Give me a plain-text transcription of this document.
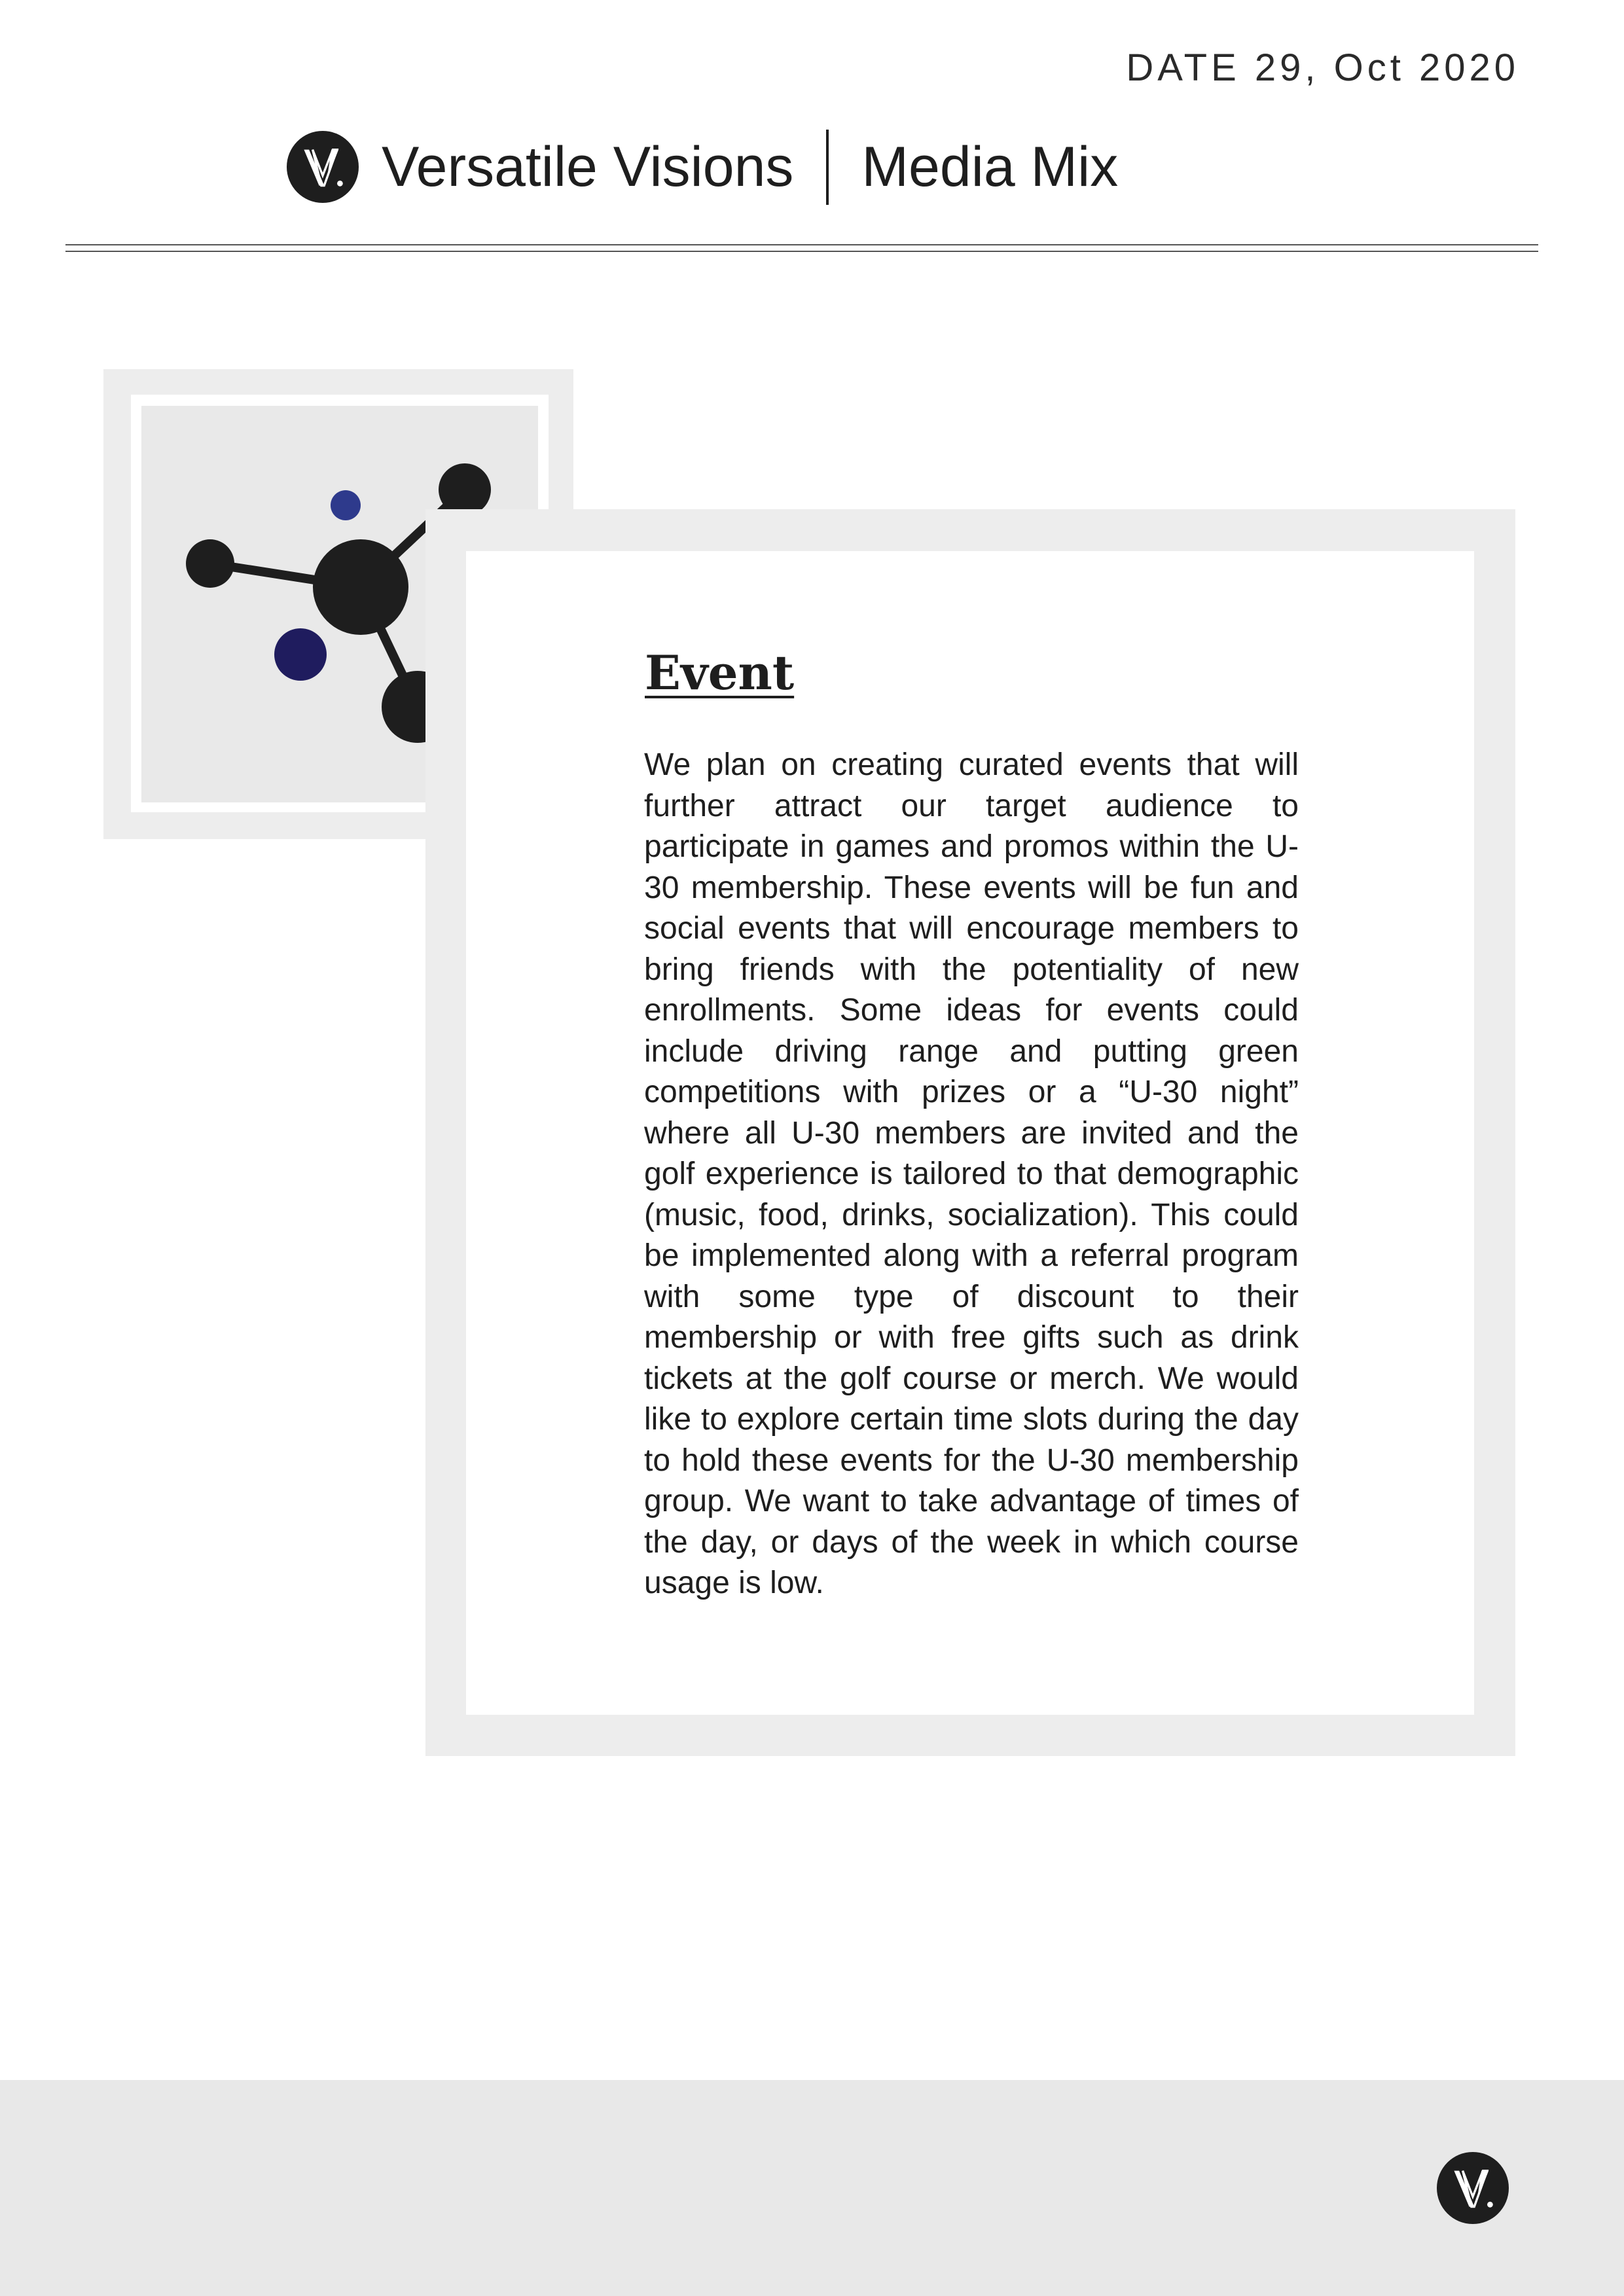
DATE 29, Oct 2020
Versatile Visions Media Mix
Event

We plan on creating curated events that will further attract our target audience to participate in games and promos within the U-30 membership. These events will be fun and social events that will encourage members to bring friends with the potentiality of new enrollments. Some ideas for events could include driving range and putting green competitions with prizes or a “U-30 night” where all U-30 members are invited and the golf experience is tailored to that demographic (music, food, drinks, socialization). This could be implemented along with a referral program with some type of discount to their membership or with free gifts such as drink tickets at the golf course or merch. We would like to explore certain time slots during the day to hold these events for the U-30 membership group. We want to take advantage of times of the day, or days of the week in which course usage is low.
